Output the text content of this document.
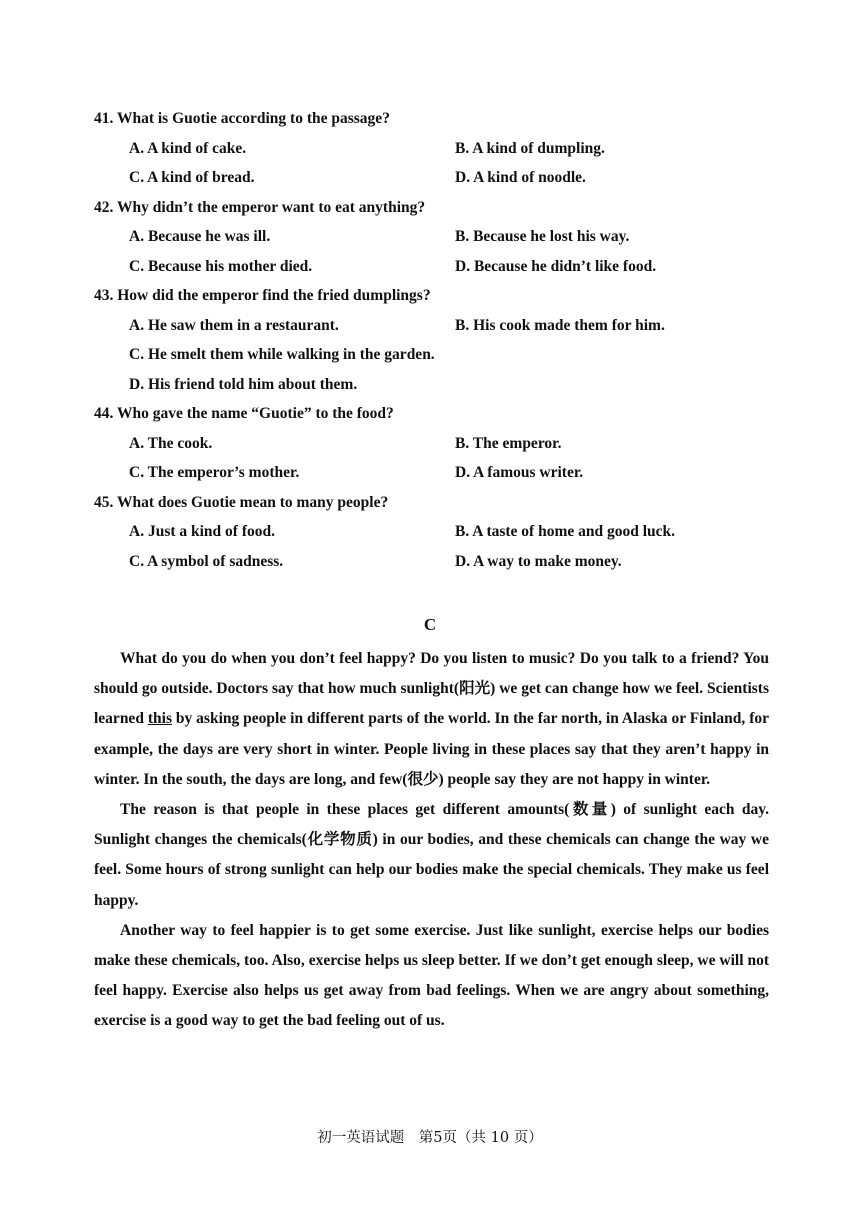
41. What is Guotie according to the passage?
A. A kind of cake.	B. A kind of dumpling.
C. A kind of bread.	D. A kind of noodle.
42. Why didn’t the emperor want to eat anything?
A. Because he was ill.	B. Because he lost his way.
C. Because his mother died.	D. Because he didn’t like food.
43. How did the emperor find the fried dumplings?
A. He saw them in a restaurant.	B. His cook made them for him.
C. He smelt them while walking in the garden.
D. His friend told him about them.
44. Who gave the name “Guotie” to the food?
A. The cook.	B. The emperor.
C. The emperor’s mother.	D. A famous writer.
45. What does Guotie mean to many people?
A. Just a kind of food.	B. A taste of home and good luck.
C. A symbol of sadness.	D. A way to make money.
C

What do you do when you don’t feel happy? Do you listen to music? Do you talk to a friend? You should go outside. Doctors say that how much sunlight(阳光) we get can change how we feel. Scientists learned this by asking people in different parts of the world. In the far north, in Alaska or Finland, for example, the days are very short in winter. People living in these places say that they aren’t happy in winter. In the south, the days are long, and few(很少) people say they are not happy in winter.

The reason is that people in these places get different amounts(数量) of sunlight each day. Sunlight changes the chemicals(化学物质) in our bodies, and these chemicals can change the way we feel. Some hours of strong sunlight can help our bodies make the special chemicals. They make us feel happy.

Another way to feel happier is to get some exercise. Just like sunlight, exercise helps our bodies make these chemicals, too. Also, exercise helps us sleep better. If we don’t get enough sleep, we will not feel happy. Exercise also helps us get away from bad feelings. When we are angry about something, exercise is a good way to get the bad feeling out of us.

初一英语试题　第5页（共 10 页）
